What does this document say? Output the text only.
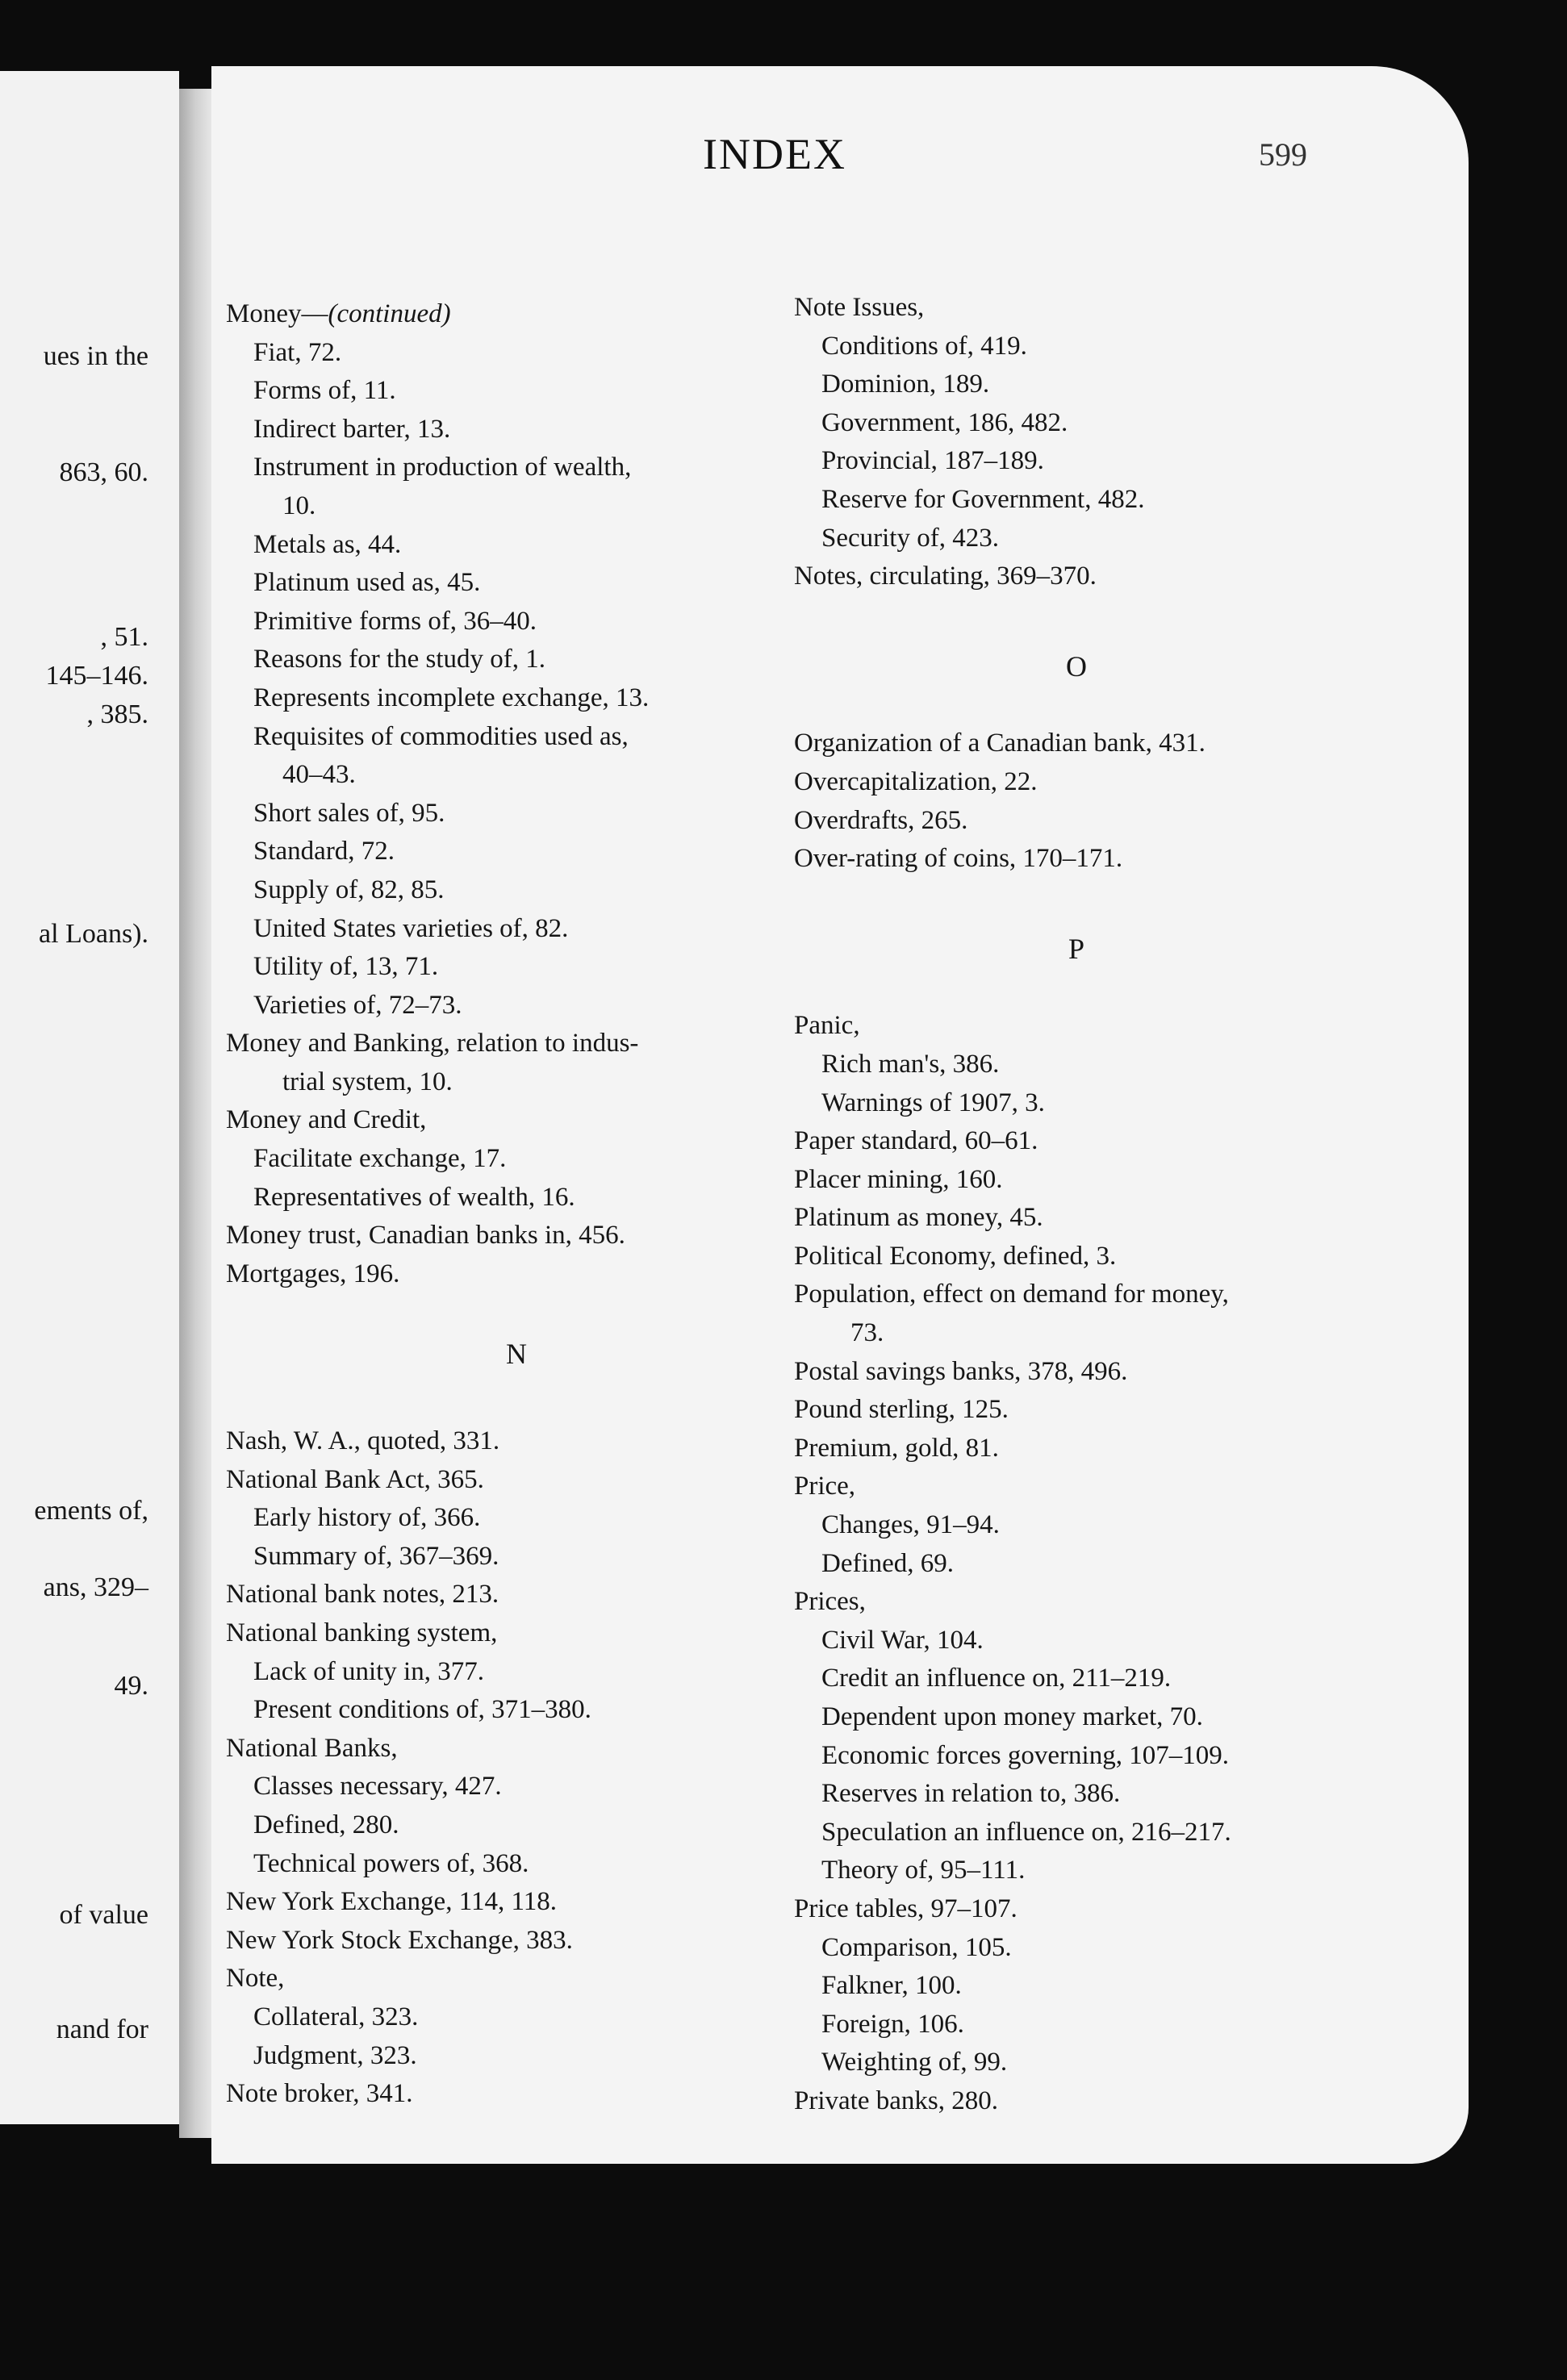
ues in the
863, 60.
, 51.
145–146.
, 385.
al Loans).
ements of,
ans, 329–
49.
of value
nand for
INDEX	599
Money—(continued)
Fiat, 72.
Forms of, 11.
Indirect barter, 13.
Instrument in production of wealth,
10.
Metals as, 44.
Platinum used as, 45.
Primitive forms of, 36–40.
Reasons for the study of, 1.
Represents incomplete exchange, 13.
Requisites of commodities used as,
40–43.
Short sales of, 95.
Standard, 72.
Supply of, 82, 85.
United States varieties of, 82.
Utility of, 13, 71.
Varieties of, 72–73.
Money and Banking, relation to indus-
trial system, 10.
Money and Credit,
Facilitate exchange, 17.
Representatives of wealth, 16.
Money trust, Canadian banks in, 456.
Mortgages, 196.
N
Nash, W. A., quoted, 331.
National Bank Act, 365.
Early history of, 366.
Summary of, 367–369.
National bank notes, 213.
National banking system,
Lack of unity in, 377.
Present conditions of, 371–380.
National Banks,
Classes necessary, 427.
Defined, 280.
Technical powers of, 368.
New York Exchange, 114, 118.
New York Stock Exchange, 383.
Note,
Collateral, 323.
Judgment, 323.
Note broker, 341.
Note Issues,
Conditions of, 419.
Dominion, 189.
Government, 186, 482.
Provincial, 187–189.
Reserve for Government, 482.
Security of, 423.
Notes, circulating, 369–370.
O
Organization of a Canadian bank, 431.
Overcapitalization, 22.
Overdrafts, 265.
Over-rating of coins, 170–171.
P
Panic,
Rich man's, 386.
Warnings of 1907, 3.
Paper standard, 60–61.
Placer mining, 160.
Platinum as money, 45.
Political Economy, defined, 3.
Population, effect on demand for money,
73.
Postal savings banks, 378, 496.
Pound sterling, 125.
Premium, gold, 81.
Price,
Changes, 91–94.
Defined, 69.
Prices,
Civil War, 104.
Credit an influence on, 211–219.
Dependent upon money market, 70.
Economic forces governing, 107–109.
Reserves in relation to, 386.
Speculation an influence on, 216–217.
Theory of, 95–111.
Price tables, 97–107.
Comparison, 105.
Falkner, 100.
Foreign, 106.
Weighting of, 99.
Private banks, 280.
